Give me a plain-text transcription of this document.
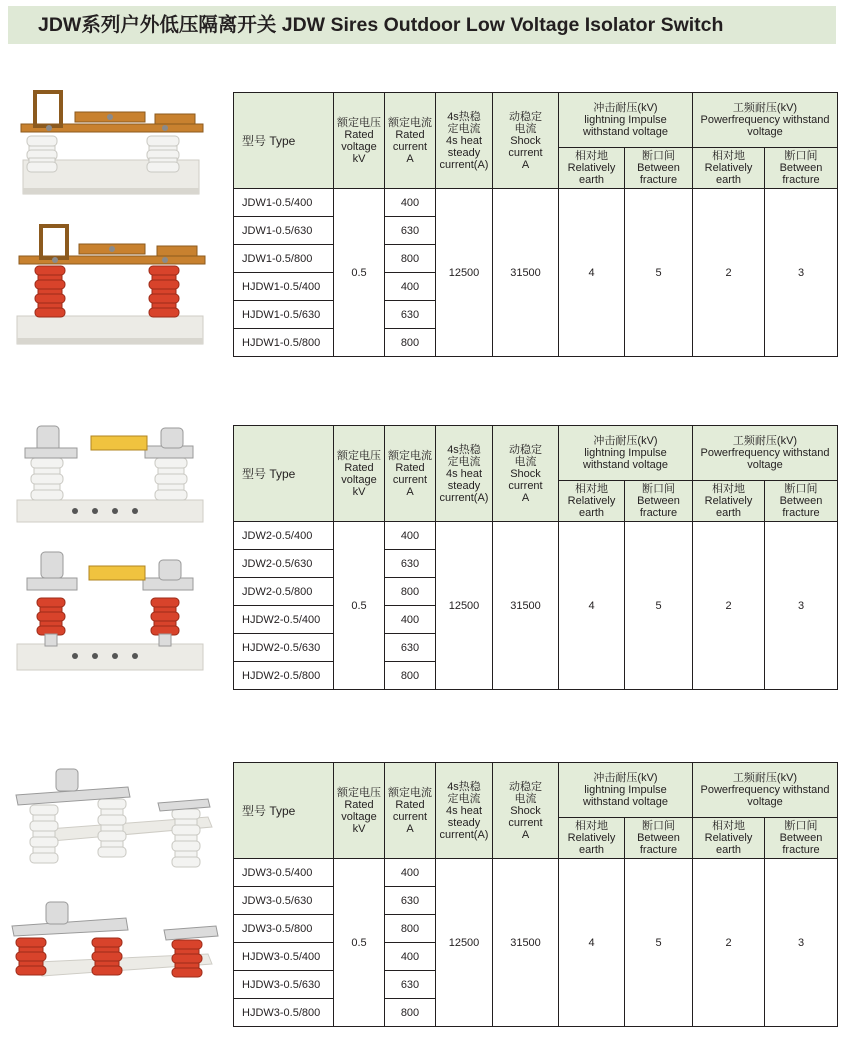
JDW系列户外低压隔离开关 JDW Sires Outdoor Low Voltage Isolator Switch
型号 Type	额定电压
Rated
voltage
kV	额定电流
Rated
current
A	4s热稳
定电流
4s heat
steady
current(A)	动稳定
电流
Shock
current
A	冲击耐压(kV)
lightning Impulse
withstand voltage		工频耐压(kV)
Powerfrequency withstand voltage	

					相对地
Relatively
earth	断口间
Between
fracture	相对地
Relatively
earth	断口间
Between
fracture

JDW1-0.5/400	0.5	400	12500	31500	4	5	2	3
JDW1-0.5/630		630						
JDW1-0.5/800		800						
HJDW1-0.5/400		400						
HJDW1-0.5/630		630						
HJDW1-0.5/800		800						
型号 Type	额定电压
Rated
voltage
kV	额定电流
Rated
current
A	4s热稳
定电流
4s heat
steady
current(A)	动稳定
电流
Shock
current
A	冲击耐压(kV)
lightning Impulse
withstand voltage		工频耐压(kV)
Powerfrequency withstand voltage	

					相对地
Relatively
earth	断口间
Between
fracture	相对地
Relatively
earth	断口间
Between
fracture

JDW2-0.5/400	0.5	400	12500	31500	4	5	2	3
JDW2-0.5/630		630						
JDW2-0.5/800		800						
HJDW2-0.5/400		400						
HJDW2-0.5/630		630						
HJDW2-0.5/800		800						
型号 Type	额定电压
Rated
voltage
kV	额定电流
Rated
current
A	4s热稳
定电流
4s heat
steady
current(A)	动稳定
电流
Shock
current
A	冲击耐压(kV)
lightning Impulse
withstand voltage		工频耐压(kV)
Powerfrequency withstand voltage	

					相对地
Relatively
earth	断口间
Between
fracture	相对地
Relatively
earth	断口间
Between
fracture

JDW3-0.5/400	0.5	400	12500	31500	4	5	2	3
JDW3-0.5/630		630						
JDW3-0.5/800		800						
HJDW3-0.5/400		400						
HJDW3-0.5/630		630						
HJDW3-0.5/800		800						
